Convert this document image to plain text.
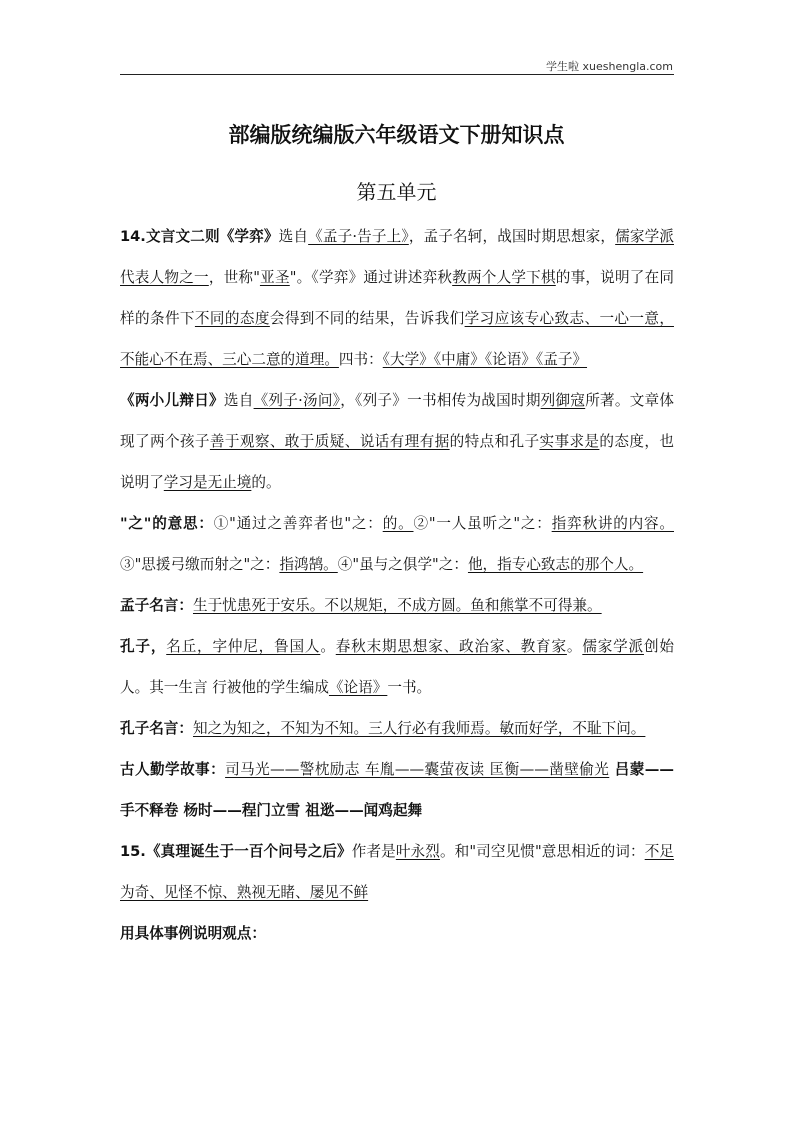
学生啦 xueshengla.com
部编版统编版六年级语文下册知识点
第五单元

14.文言文二则《学弈》选自《孟子·告子上》，孟子名轲，战国时期思想家，儒家学派代表人物之一，世称"亚圣"。《学弈》通过讲述弈秋教两个人学下棋的事，说明了在同样的条件下不同的态度会得到不同的结果，告诉我们学习应该专心致志、一心一意，不能心不在焉、三心二意的道理。四书：《大学》《中庸》《论语》《孟子》

《两小儿辩日》选自《列子·汤问》，《列子》一书相传为战国时期列御寇所著。文章体现了两个孩子善于观察、敢于质疑、说话有理有据的特点和孔子实事求是的态度，也说明了学习是无止境的。

"之"的意思：①"通过之善弈者也"之：的。②"一人虽听之"之：指弈秋讲的内容。③"思援弓缴而射之"之：指鸿鹄。④"虽与之俱学"之：他，指专心致志的那个人。

孟子名言：生于忧患死于安乐。不以规矩，不成方圆。鱼和熊掌不可得兼。

孔子，名丘，字仲尼，鲁国人。春秋末期思想家、政治家、教育家。儒家学派创始人。其一生言 行被他的学生编成《论语》一书。

孔子名言：知之为知之，不知为不知。三人行必有我师焉。敏而好学，不耻下问。

古人勤学故事：司马光——警枕励志 车胤——囊萤夜读 匡衡——凿壁偷光 吕蒙——手不释卷 杨时——程门立雪 祖逖——闻鸡起舞

15.《真理诞生于一百个问号之后》作者是叶永烈。和"司空见惯"意思相近的词：不足为奇、见怪不惊、熟视无睹、屡见不鲜

用具体事例说明观点：
